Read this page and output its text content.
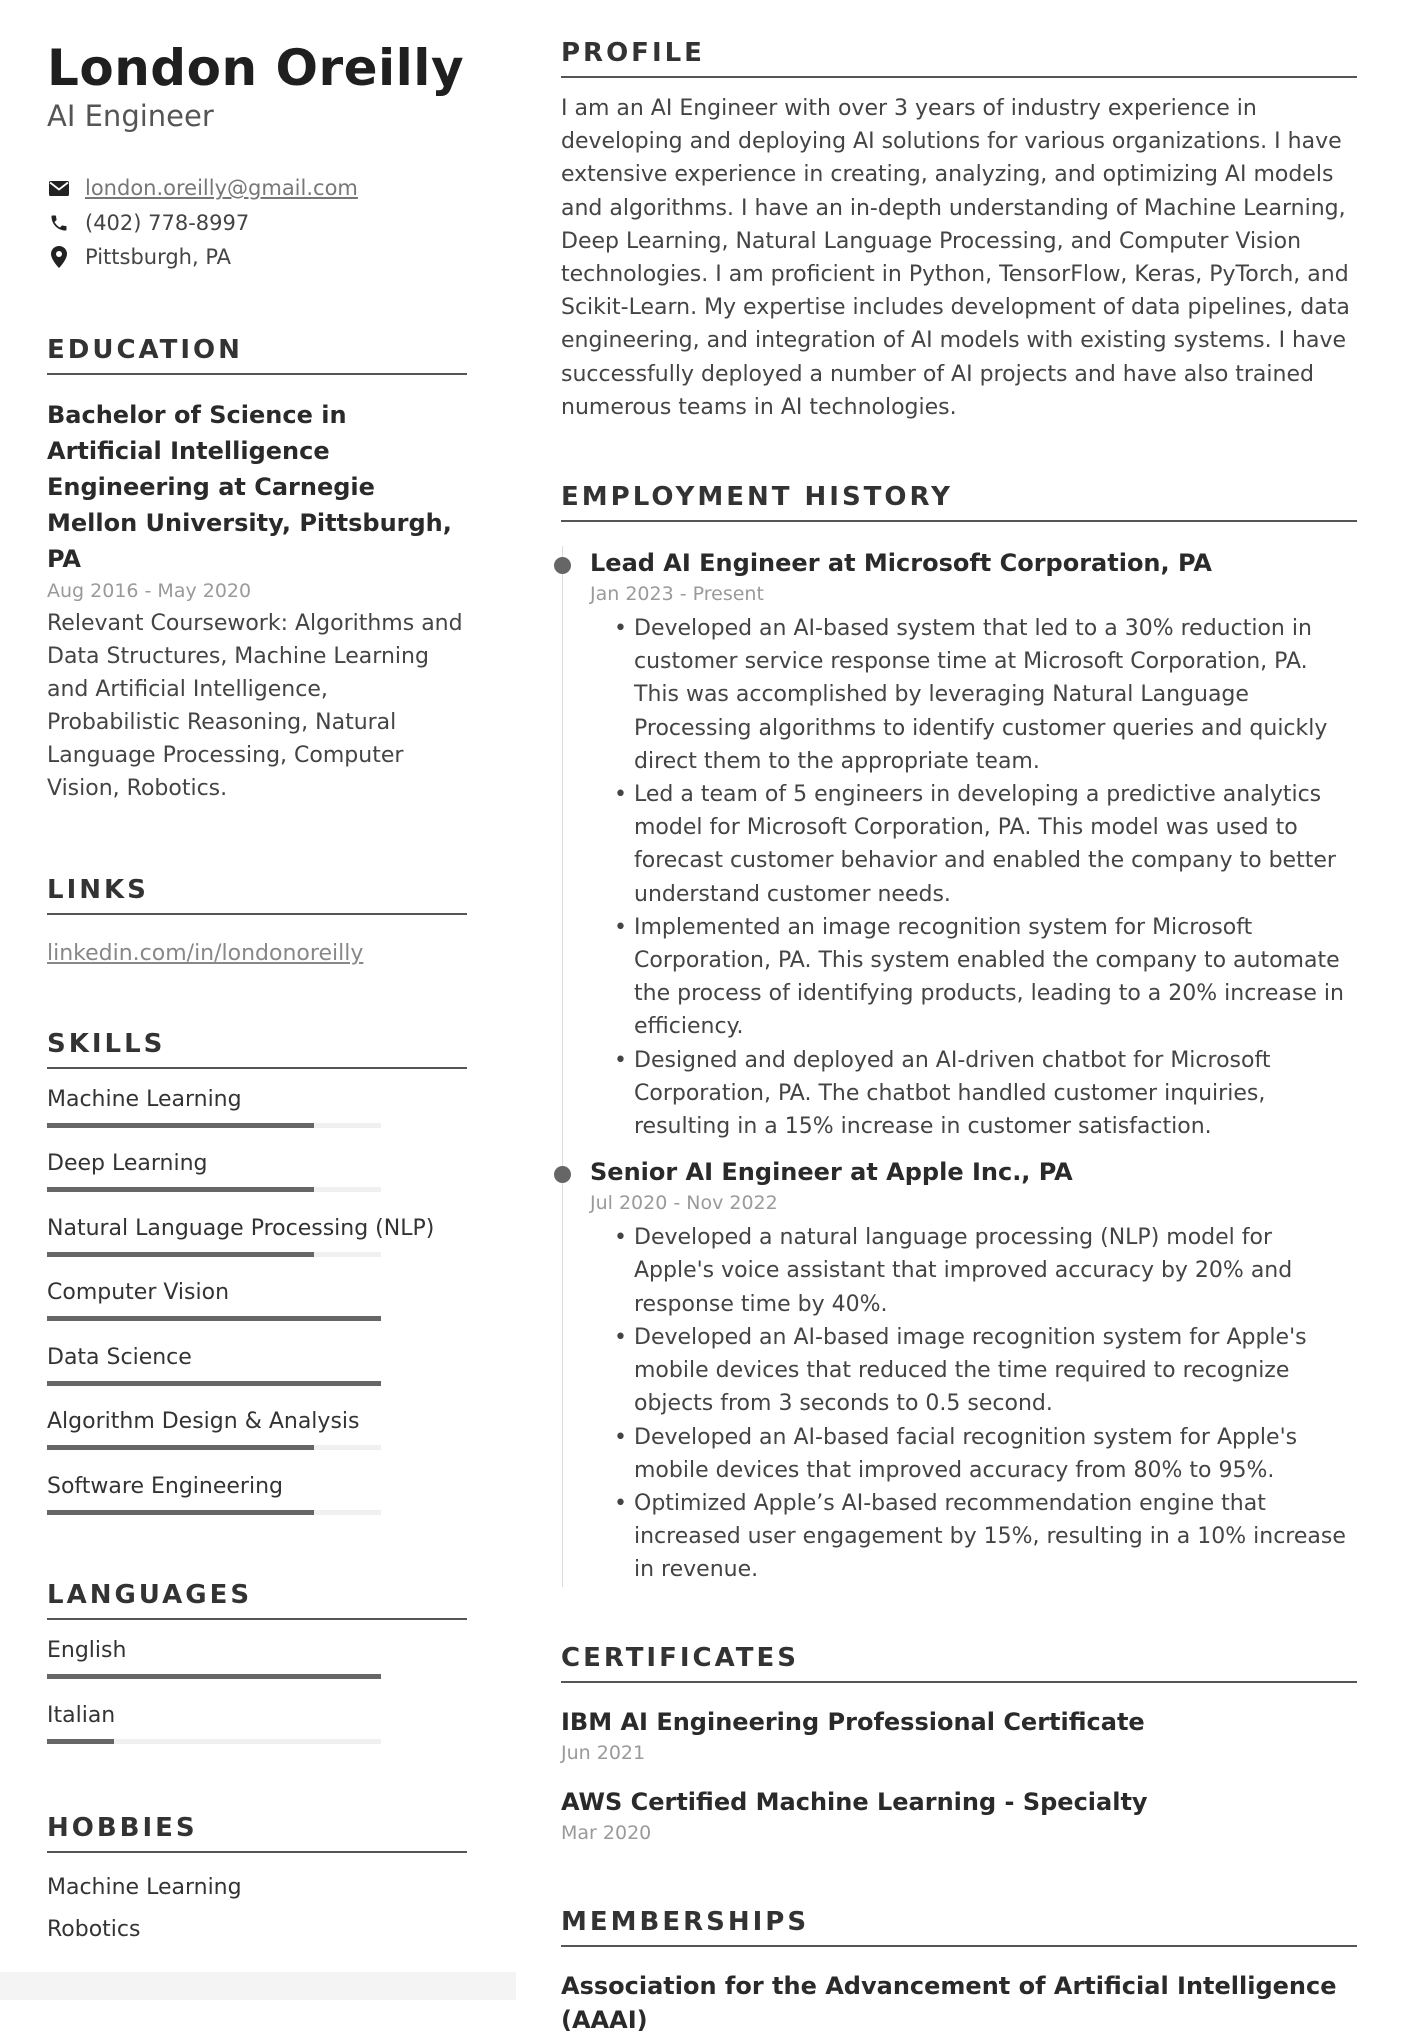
London Oreilly
AI Engineer
london.oreilly@gmail.com
(402) 778-8997
Pittsburgh, PA
EDUCATION
Bachelor of Science in Artificial Intelligence Engineering at Carnegie Mellon University, Pittsburgh, PA
Aug 2016 - May 2020
Relevant Coursework: Algorithms and Data Structures, Machine Learning and Artificial Intelligence, Probabilistic Reasoning, Natural Language Processing, Computer Vision, Robotics.
LINKS
linkedin.com/in/londonoreilly
SKILLS
Machine Learning
Deep Learning
Natural Language Processing (NLP)
Computer Vision
Data Science
Algorithm Design & Analysis
Software Engineering
LANGUAGES
English
Italian
HOBBIES
Machine Learning
Robotics
PROFILE
I am an AI Engineer with over 3 years of industry experience in developing and deploying AI solutions for various organizations. I have extensive experience in creating, analyzing, and optimizing AI models and algorithms. I have an in-depth understanding of Machine Learning, Deep Learning, Natural Language Processing, and Computer Vision technologies. I am proficient in Python, TensorFlow, Keras, PyTorch, and Scikit-Learn. My expertise includes development of data pipelines, data engineering, and integration of AI models with existing systems. I have successfully deployed a number of AI projects and have also trained numerous teams in AI technologies.
EMPLOYMENT HISTORY
Lead AI Engineer at Microsoft Corporation, PA
Jan 2023 - Present
• Developed an AI-based system that led to a 30% reduction in customer service response time at Microsoft Corporation, PA. This was accomplished by leveraging Natural Language Processing algorithms to identify customer queries and quickly direct them to the appropriate team.
• Led a team of 5 engineers in developing a predictive analytics model for Microsoft Corporation, PA. This model was used to forecast customer behavior and enabled the company to better understand customer needs.
• Implemented an image recognition system for Microsoft Corporation, PA. This system enabled the company to automate the process of identifying products, leading to a 20% increase in efficiency.
• Designed and deployed an AI-driven chatbot for Microsoft Corporation, PA. The chatbot handled customer inquiries, resulting in a 15% increase in customer satisfaction.
Senior AI Engineer at Apple Inc., PA
Jul 2020 - Nov 2022
• Developed a natural language processing (NLP) model for Apple's voice assistant that improved accuracy by 20% and response time by 40%.
• Developed an AI-based image recognition system for Apple's mobile devices that reduced the time required to recognize objects from 3 seconds to 0.5 second.
• Developed an AI-based facial recognition system for Apple's mobile devices that improved accuracy from 80% to 95%.
• Optimized Apple’s AI-based recommendation engine that increased user engagement by 15%, resulting in a 10% increase in revenue.
CERTIFICATES
IBM AI Engineering Professional Certificate
Jun 2021
AWS Certified Machine Learning - Specialty
Mar 2020
MEMBERSHIPS
Association for the Advancement of Artificial Intelligence (AAAI)
